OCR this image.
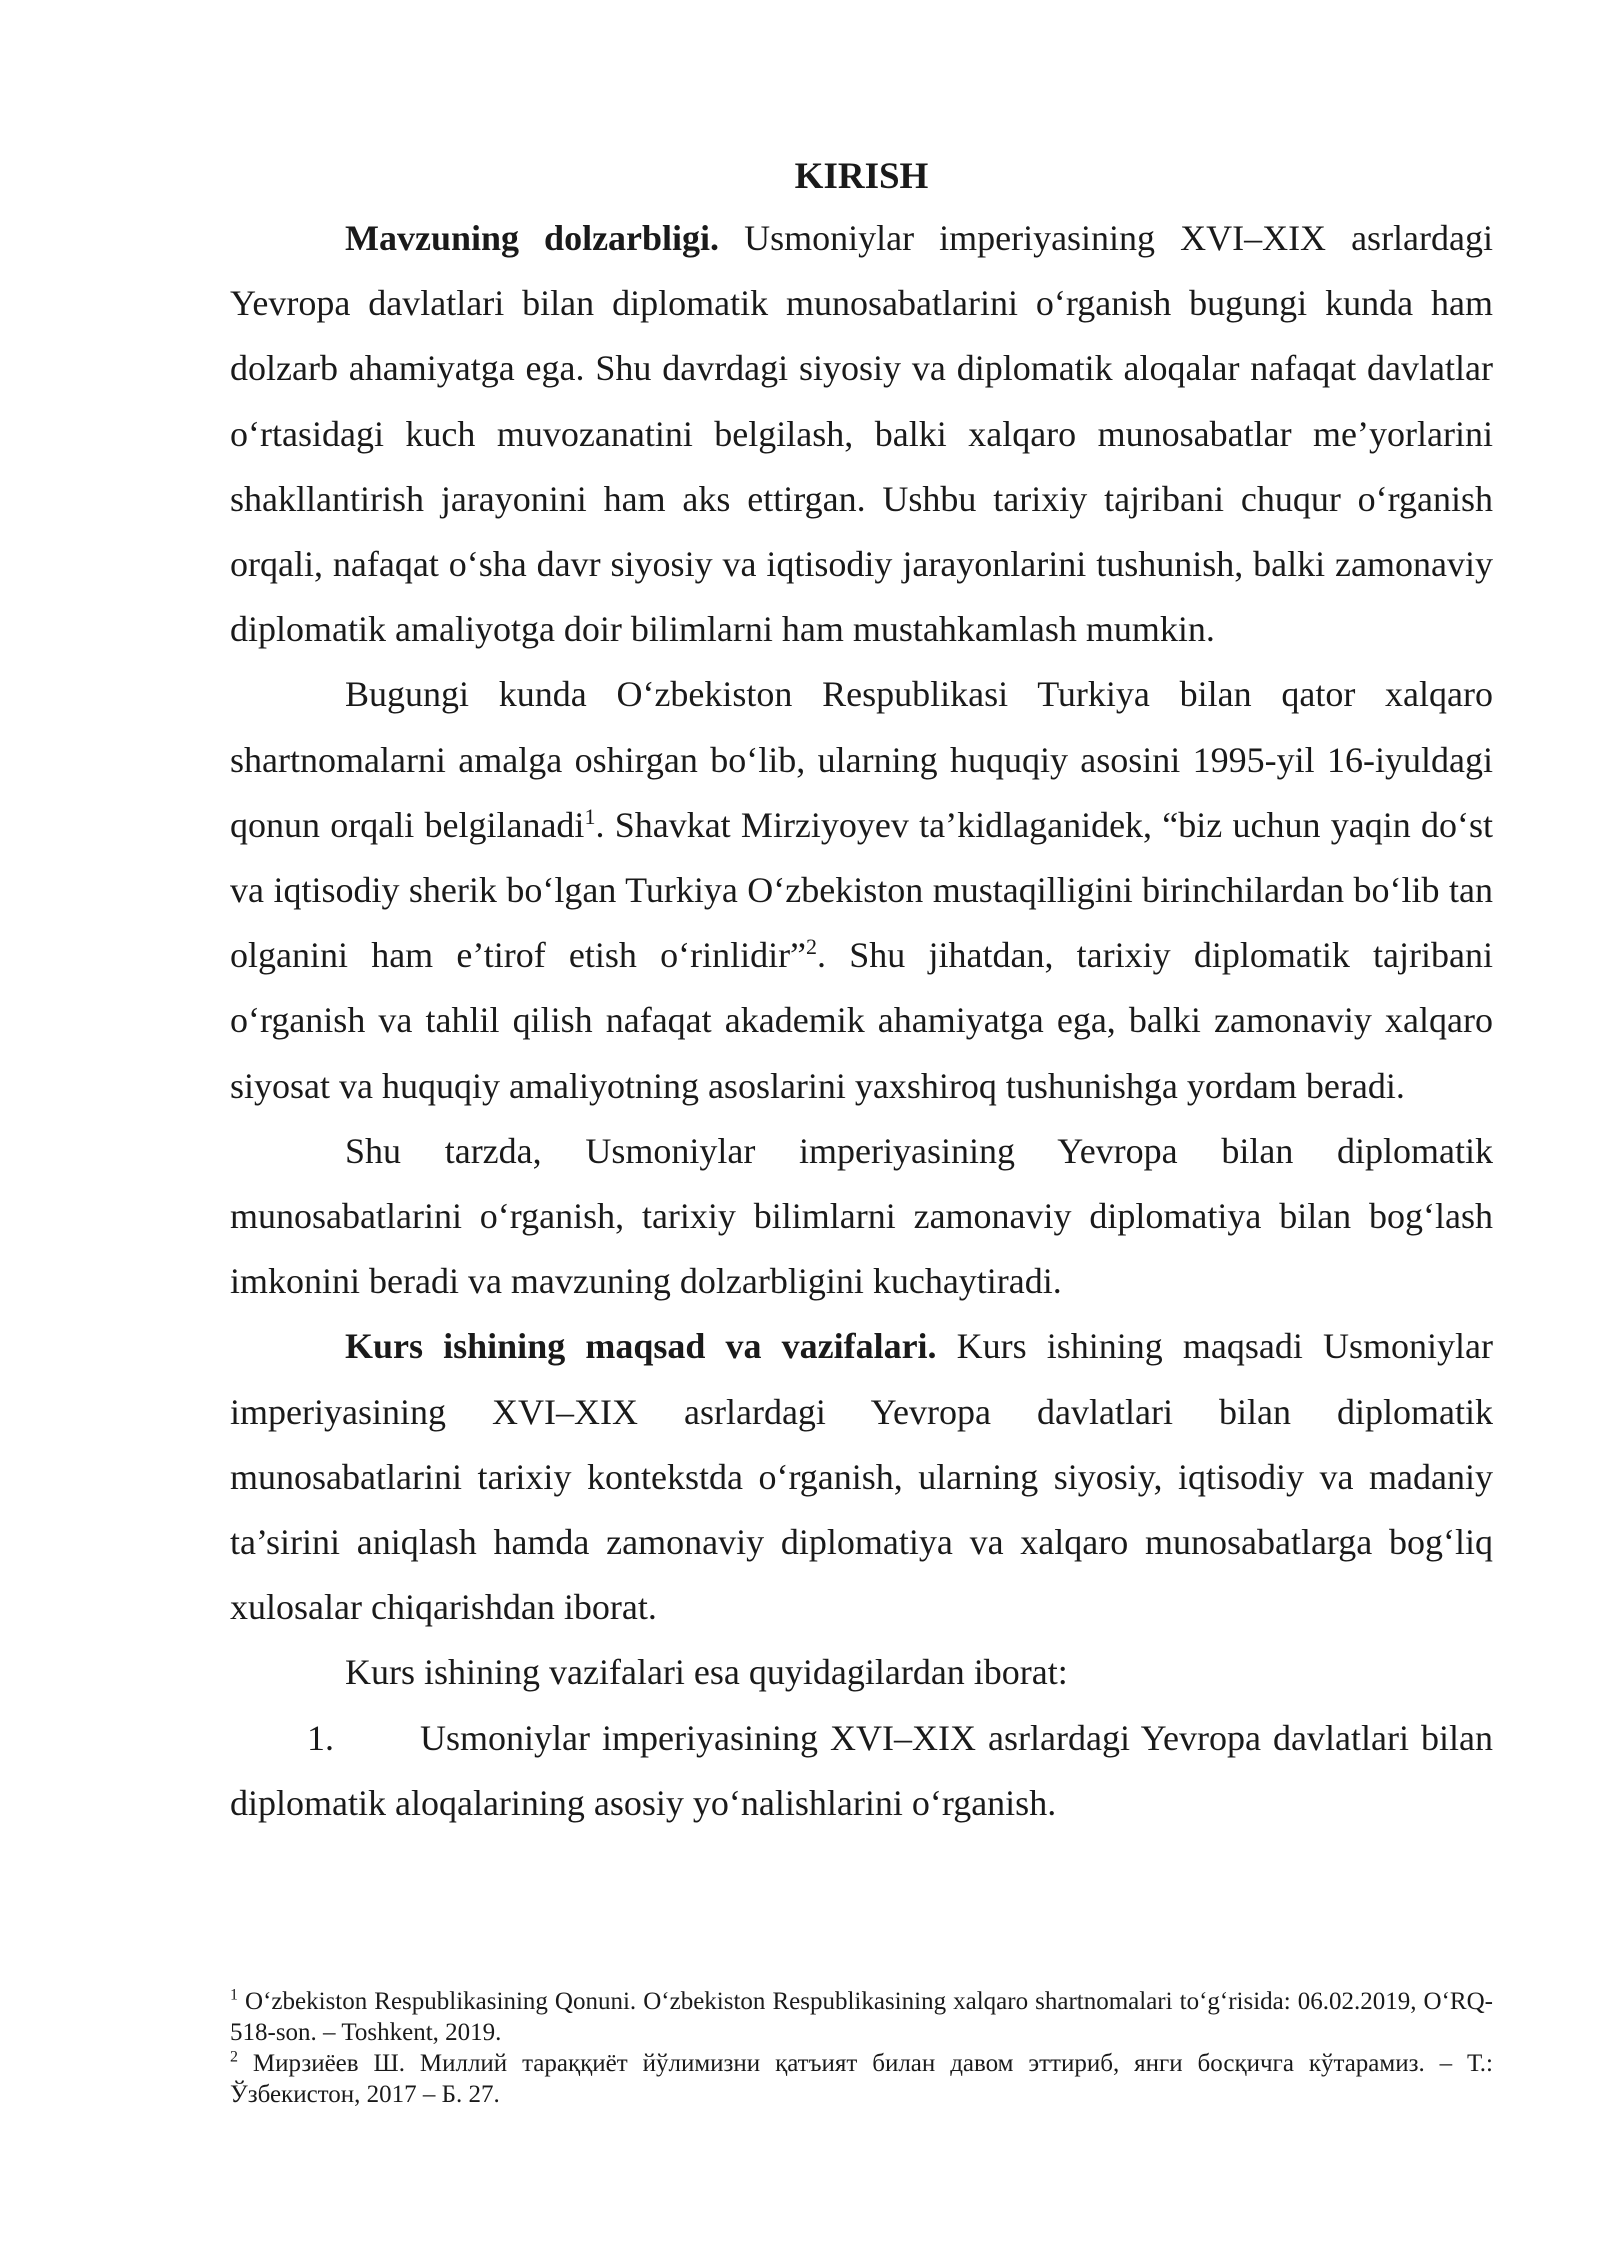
KIRISH

Mavzuning dolzarbligi. Usmoniylar imperiyasining XVI–XIX asrlardagi Yevropa davlatlari bilan diplomatik munosabatlarini o‘rganish bugungi kunda ham dolzarb ahamiyatga ega. Shu davrdagi siyosiy va diplomatik aloqalar nafaqat davlatlar o‘rtasidagi kuch muvozanatini belgilash, balki xalqaro munosabatlar me’yorlarini shakllantirish jarayonini ham aks ettirgan. Ushbu tarixiy tajribani chuqur o‘rganish orqali, nafaqat o‘sha davr siyosiy va iqtisodiy jarayonlarini tushunish, balki zamonaviy diplomatik amaliyotga doir bilimlarni ham mustahkamlash mumkin.

Bugungi kunda O‘zbekiston Respublikasi Turkiya bilan qator xalqaro shartnomalarni amalga oshirgan bo‘lib, ularning huquqiy asosini 1995-yil 16-iyuldagi qonun orqali belgilanadi$^1$. Shavkat Mirziyoyev ta’kidlaganidek, “biz uchun yaqin do‘st va iqtisodiy sherik bo‘lgan Turkiya O‘zbekiston mustaqilligini birinchilardan bo‘lib tan olganini ham e’tirof etish o‘rinlidir”$^2$. Shu jihatdan, tarixiy diplomatik tajribani o‘rganish va tahlil qilish nafaqat akademik ahamiyatga ega, balki zamonaviy xalqaro siyosat va huquqiy amaliyotning asoslarini yaxshiroq tushunishga yordam beradi.

Shu tarzda, Usmoniylar imperiyasining Yevropa bilan diplomatik munosabatlarini o‘rganish, tarixiy bilimlarni zamonaviy diplomatiya bilan bog‘lash imkonini beradi va mavzuning dolzarbligini kuchaytiradi.

Kurs ishining maqsad va vazifalari. Kurs ishining maqsadi Usmoniylar imperiyasining XVI–XIX asrlardagi Yevropa davlatlari bilan diplomatik munosabatlarini tarixiy kontekstda o‘rganish, ularning siyosiy, iqtisodiy va madaniy ta’sirini aniqlash hamda zamonaviy diplomatiya va xalqaro munosabatlarga bog‘liq xulosalar chiqarishdan iborat.

Kurs ishining vazifalari esa quyidagilardan iborat:

1. Usmoniylar imperiyasining XVI–XIX asrlardagi Yevropa davlatlari bilan diplomatik aloqalarining asosiy yo‘nalishlarini o‘rganish.

$^1$ O‘zbekiston Respublikasining Qonuni. O‘zbekiston Respublikasining xalqaro shartnomalari to‘g‘risida: 06.02.2019, O‘RQ-518-son. – Toshkent, 2019.

$^2$ Мирзиёев Ш. Миллий тараққиёт йўлимизни қатъият билан давом эттириб, янги босқичга кўтарамиз. – Т.: Ўзбекистон, 2017 – Б. 27.
